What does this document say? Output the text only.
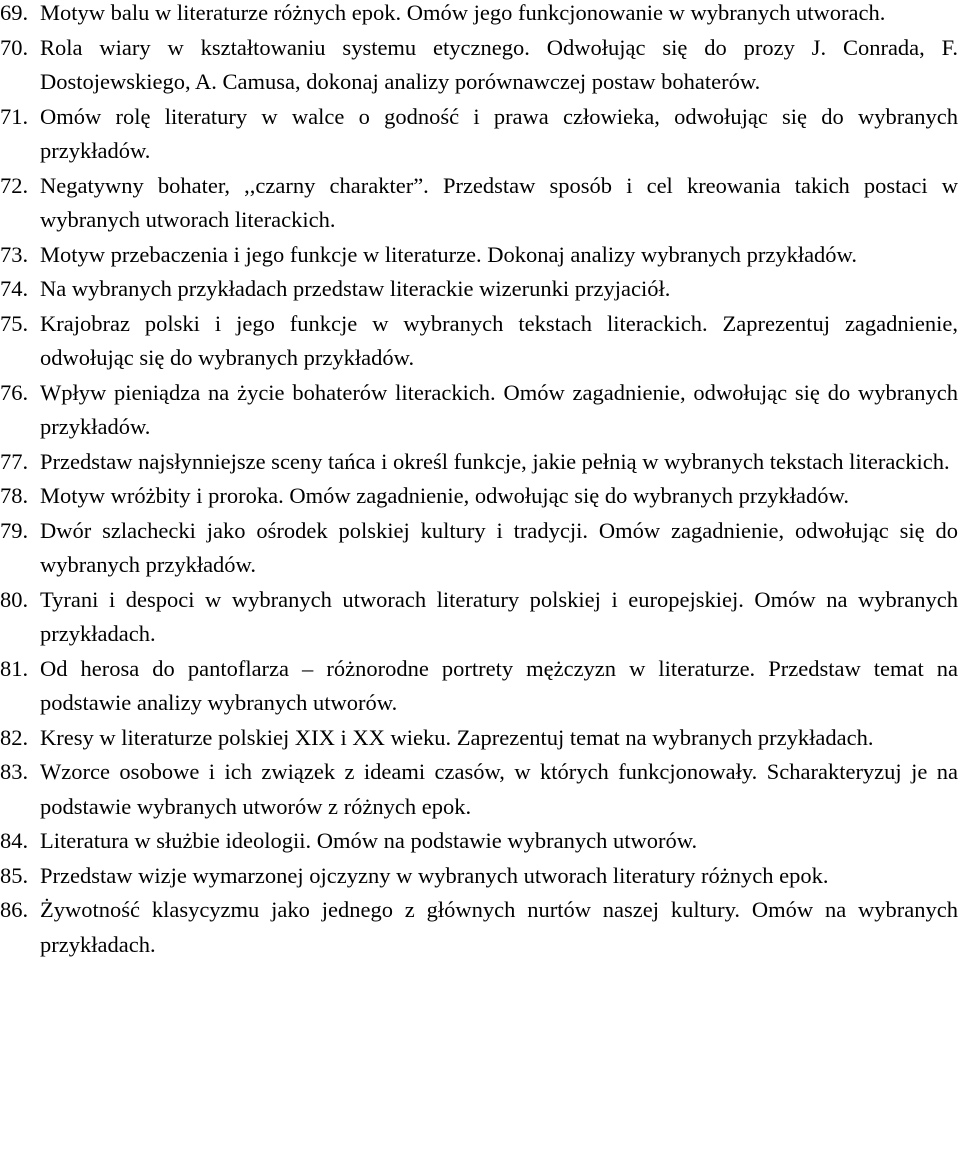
69. Motyw balu w literaturze różnych epok. Omów jego funkcjonowanie w wybranych utworach.
70. Rola wiary w kształtowaniu systemu etycznego. Odwołując się do prozy J. Conrada, F. Dostojewskiego, A. Camusa, dokonaj analizy porównawczej postaw bohaterów.
71. Omów rolę literatury w walce o godność i prawa człowieka, odwołując się do wybranych przykładów.
72. Negatywny bohater, ,,czarny charakter”. Przedstaw sposób i cel kreowania takich postaci w wybranych utworach literackich.
73. Motyw przebaczenia i jego funkcje w literaturze. Dokonaj analizy wybranych przykładów.
74. Na wybranych przykładach przedstaw literackie wizerunki przyjaciół.
75. Krajobraz polski i jego funkcje w wybranych tekstach literackich. Zaprezentuj zagadnienie, odwołując się do wybranych przykładów.
76. Wpływ pieniądza na życie bohaterów literackich. Omów zagadnienie, odwołując się do wybranych przykładów.
77. Przedstaw najsłynniejsze sceny tańca i określ funkcje, jakie pełnią w wybranych tekstach literackich.
78. Motyw wróżbity i proroka. Omów zagadnienie, odwołując się do wybranych przykładów.
79. Dwór szlachecki jako ośrodek polskiej kultury i tradycji. Omów zagadnienie, odwołując się do wybranych przykładów.
80. Tyrani i despoci w wybranych utworach literatury polskiej i europejskiej. Omów na wybranych przykładach.
81. Od herosa do pantoflarza – różnorodne portrety mężczyzn w literaturze. Przedstaw temat na podstawie analizy wybranych utworów.
82. Kresy w literaturze polskiej XIX i XX wieku. Zaprezentuj temat na wybranych przykładach.
83. Wzorce osobowe i ich związek z ideami czasów, w których funkcjonowały. Scharakteryzuj je na podstawie wybranych utworów z różnych epok.
84. Literatura w służbie ideologii. Omów na podstawie wybranych utworów.
85. Przedstaw wizje wymarzonej ojczyzny w wybranych utworach literatury różnych epok.
86. Żywotność klasycyzmu jako jednego z głównych nurtów naszej kultury. Omów na wybranych przykładach.
